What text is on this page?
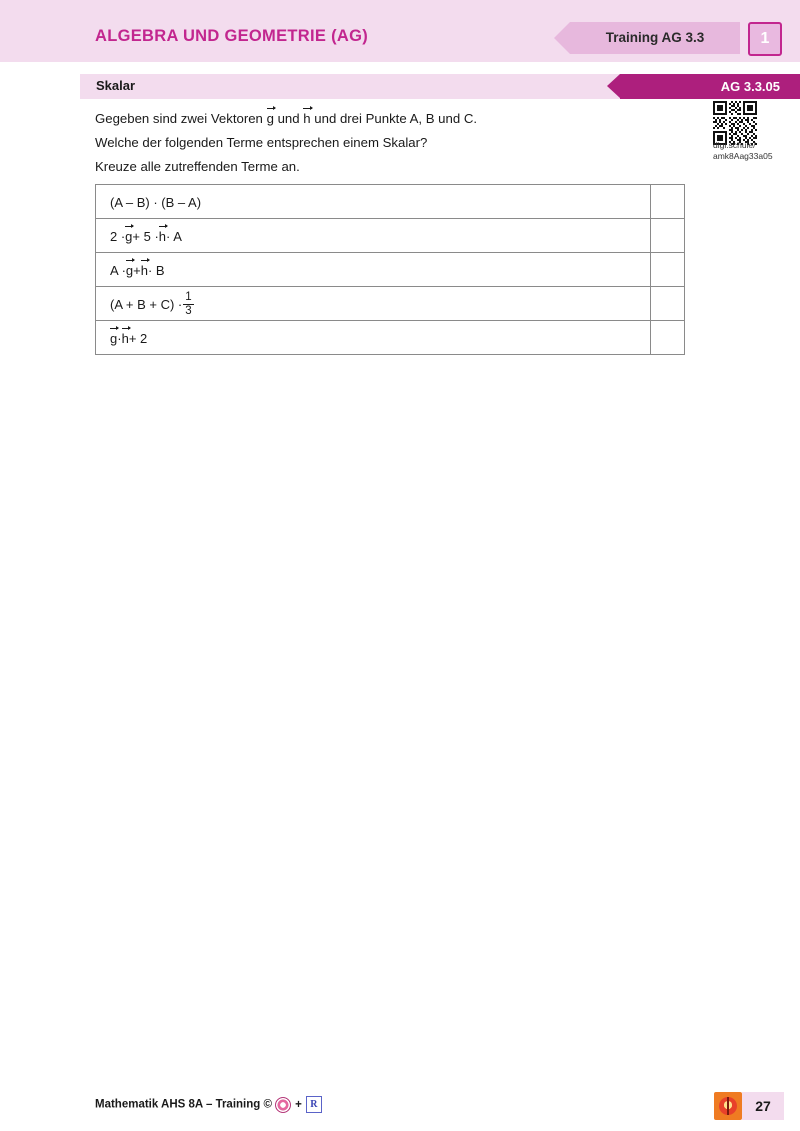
ALGEBRA UND GEOMETRIE (AG)	Training AG 3.3	1
Skalar	AG 3.3.05
digi.schule/
amk8Aag33a05
Gegeben sind zwei Vektoren g und h und drei Punkte A, B und C.
Welche der folgenden Terme entsprechen einem Skalar?
Kreuze alle zutreffenden Terme an.
(A – B) · (B – A)
2 · g + 5 · h · A
A · g + h · B
$(A + B + C) \cdot \frac{1}{3}$
g · h + 2
Mathematik AHS 8A – Training © + R	27
